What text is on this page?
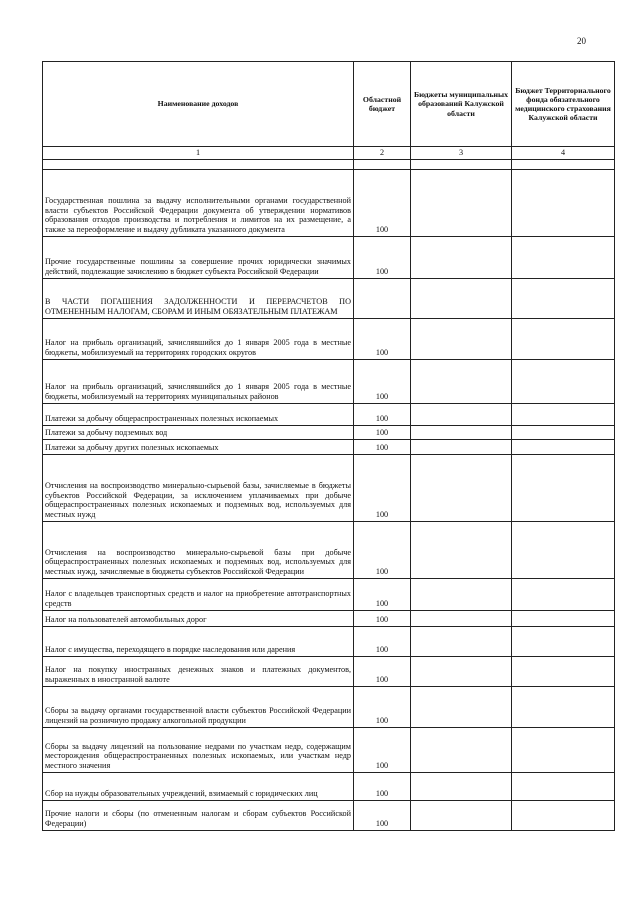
20
Наименование доходов	Областной бюджет	Бюджеты муниципальных образований Калужской области	Бюджет Территориального фонда обязательного медицинского страхования Калужской области
1	2	3	4

Государственная пошлина за выдачу исполнительными органами государственной власти субъектов Российской Федерации документа об утверждении нормативов образования отходов производства и потребления и лимитов на их размещение, а также за переоформление и выдачу дубликата указанного документа	100		
Прочие государственные пошлины за совершение прочих юридически значимых действий, подлежащие зачислению в бюджет субъекта Российской Федерации	100		
В ЧАСТИ ПОГАШЕНИЯ ЗАДОЛЖЕННОСТИ И ПЕРЕРАСЧЕТОВ ПО ОТМЕНЕННЫМ НАЛОГАМ, СБОРАМ И ИНЫМ ОБЯЗАТЕЛЬНЫМ ПЛАТЕЖАМ			
Налог на прибыль организаций, зачислявшийся до 1 января 2005 года в местные бюджеты, мобилизуемый на территориях городских округов	100		
Налог на прибыль организаций, зачислявшийся до 1 января 2005 года в местные бюджеты, мобилизуемый на территориях муниципальных районов	100		
Платежи за добычу общераспространенных полезных ископаемых	100		
Платежи за добычу подземных вод	100		
Платежи за добычу других полезных ископаемых	100		
Отчисления на воспроизводство минерально-сырьевой базы, зачисляемые в бюджеты субъектов Российской Федерации, за исключением уплачиваемых при добыче общераспространенных полезных ископаемых и подземных вод, используемых для местных нужд	100		
Отчисления на воспроизводство минерально-сырьевой базы при добыче общераспространенных полезных ископаемых и подземных вод, используемых для местных нужд, зачисляемые в бюджеты субъектов Российской Федерации	100		
Налог с владельцев транспортных средств и налог на приобретение автотранспортных средств	100		
Налог на пользователей автомобильных дорог	100		
Налог с имущества, переходящего в порядке наследования или дарения	100		
Налог на покупку иностранных денежных знаков и платежных документов, выраженных в иностранной валюте	100		
Сборы за выдачу органами государственной власти субъектов Российской Федерации лицензий на розничную продажу алкогольной продукции	100		
Сборы за выдачу лицензий на пользование недрами по участкам недр, содержащим месторождения общераспространенных полезных ископаемых, или участкам недр местного значения	100		
Сбор на нужды образовательных учреждений, взимаемый с юридических лиц	100		
Прочие налоги и сборы (по отмененным налогам и сборам субъектов Российской Федерации)	100		
